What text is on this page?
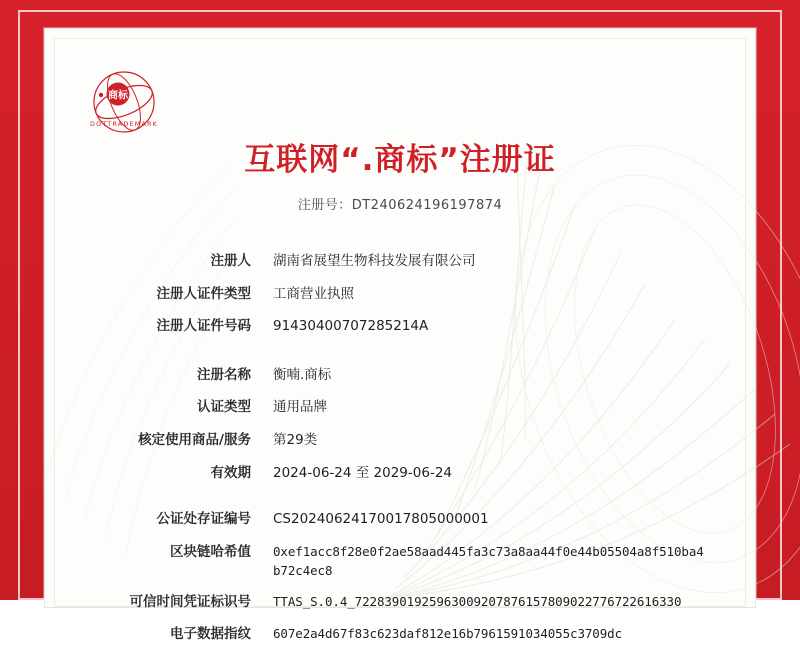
商标
DOTTRADEMARK
互联网“.商标”注册证
注册号：DT240624196197874
注册人	湖南省展望生物科技发展有限公司
注册人证件类型	工商营业执照
注册人证件号码	91430400707285214A
注册名称	衡喃.商标
认证类型	通用品牌
核定使用商品/服务	第29类
有效期	2024-06-24 至 2029-06-24
公证处存证编号	CS20240624170017805000001
区块链哈希值	0xef1acc8f28e0f2ae58aad445fa3c73a8aa44f0e44b05504a8f510ba4b72c4ec8
可信时间凭证标识号	TTAS_S.0.4_72283901925963009207876157809022776722616330
电子数据指纹	607e2a4d67f83c623daf812e16b7961591034055c3709dc
